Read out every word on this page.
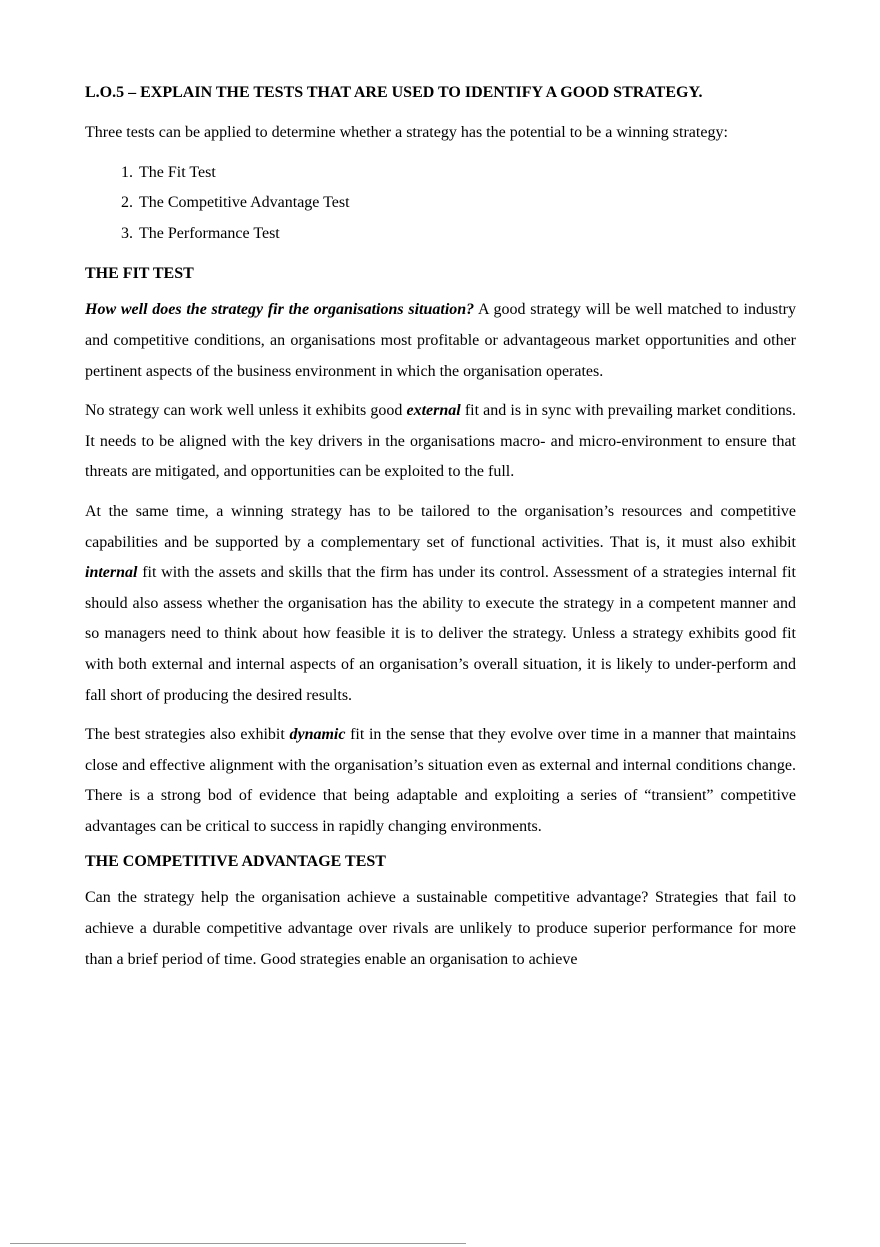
L.O.5 – EXPLAIN THE TESTS THAT ARE USED TO IDENTIFY A GOOD STRATEGY.

Three tests can be applied to determine whether a strategy has the potential to be a winning strategy:

1. The Fit Test
2. The Competitive Advantage Test
3. The Performance Test
THE FIT TEST

How well does the strategy fir the organisations situation? A good strategy will be well matched to industry and competitive conditions, an organisations most profitable or advantageous market opportunities and other pertinent aspects of the business environment in which the organisation operates.

No strategy can work well unless it exhibits good external fit and is in sync with prevailing market conditions. It needs to be aligned with the key drivers in the organisations macro- and micro-environment to ensure that threats are mitigated, and opportunities can be exploited to the full.

At the same time, a winning strategy has to be tailored to the organisation’s resources and competitive capabilities and be supported by a complementary set of functional activities. That is, it must also exhibit internal fit with the assets and skills that the firm has under its control. Assessment of a strategies internal fit should also assess whether the organisation has the ability to execute the strategy in a competent manner and so managers need to think about how feasible it is to deliver the strategy. Unless a strategy exhibits good fit with both external and internal aspects of an organisation’s overall situation, it is likely to under-perform and fall short of producing the desired results.

The best strategies also exhibit dynamic fit in the sense that they evolve over time in a manner that maintains close and effective alignment with the organisation’s situation even as external and internal conditions change. There is a strong bod of evidence that being adaptable and exploiting a series of “transient” competitive advantages can be critical to success in rapidly changing environments.

THE COMPETITIVE ADVANTAGE TEST

Can the strategy help the organisation achieve a sustainable competitive advantage? Strategies that fail to achieve a durable competitive advantage over rivals are unlikely to produce superior performance for more than a brief period of time. Good strategies enable an organisation to achieve
